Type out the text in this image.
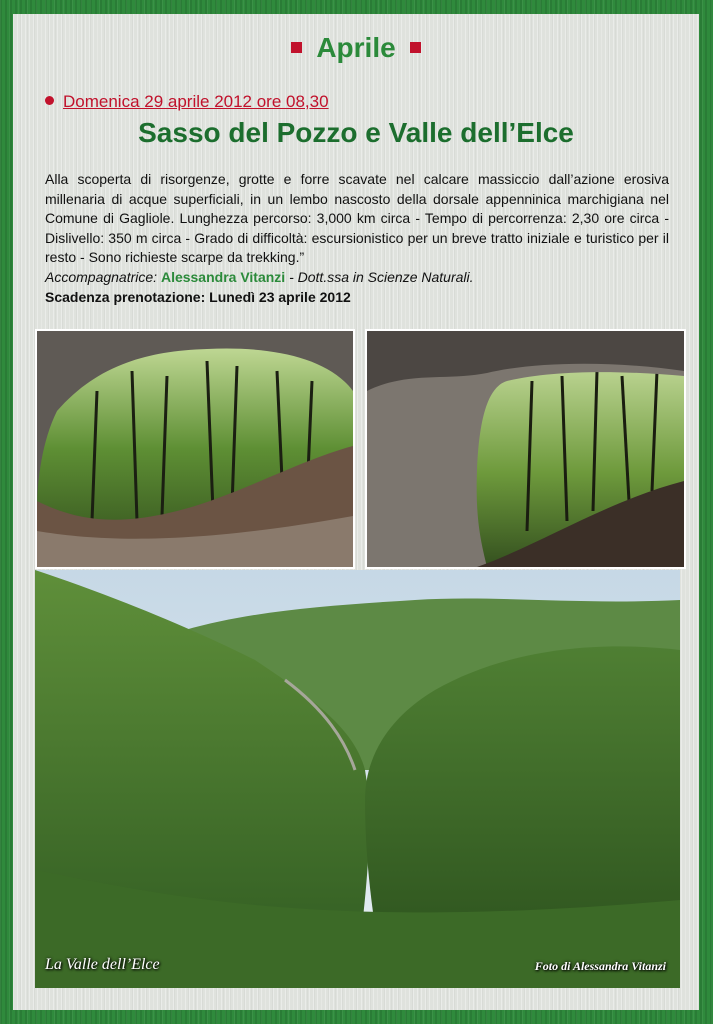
Aprile
Domenica 29 aprile 2012 ore 08,30
Sasso del Pozzo e Valle dell’Elce
Alla scoperta di risorgenze, grotte e forre scavate nel calcare massiccio dall’azione erosiva millenaria di acque superficiali, in un lembo nascosto della dorsale appenninica marchigiana nel Comune di Gagliole. Lunghezza percorso: 3,000 km circa - Tempo di percorrenza: 2,30 ore circa - Dislivello: 350 m circa - Grado di difficoltà: escursionistico per un breve tratto iniziale e turistico per il resto - Sono richieste scarpe da trekking.”
Accompagnatrice: Alessandra Vitanzi - Dott.ssa in Scienze Naturali.
Scadenza prenotazione: Lunedì 23 aprile 2012
La Valle dell’Elce	Foto di Alessandra Vitanzi
